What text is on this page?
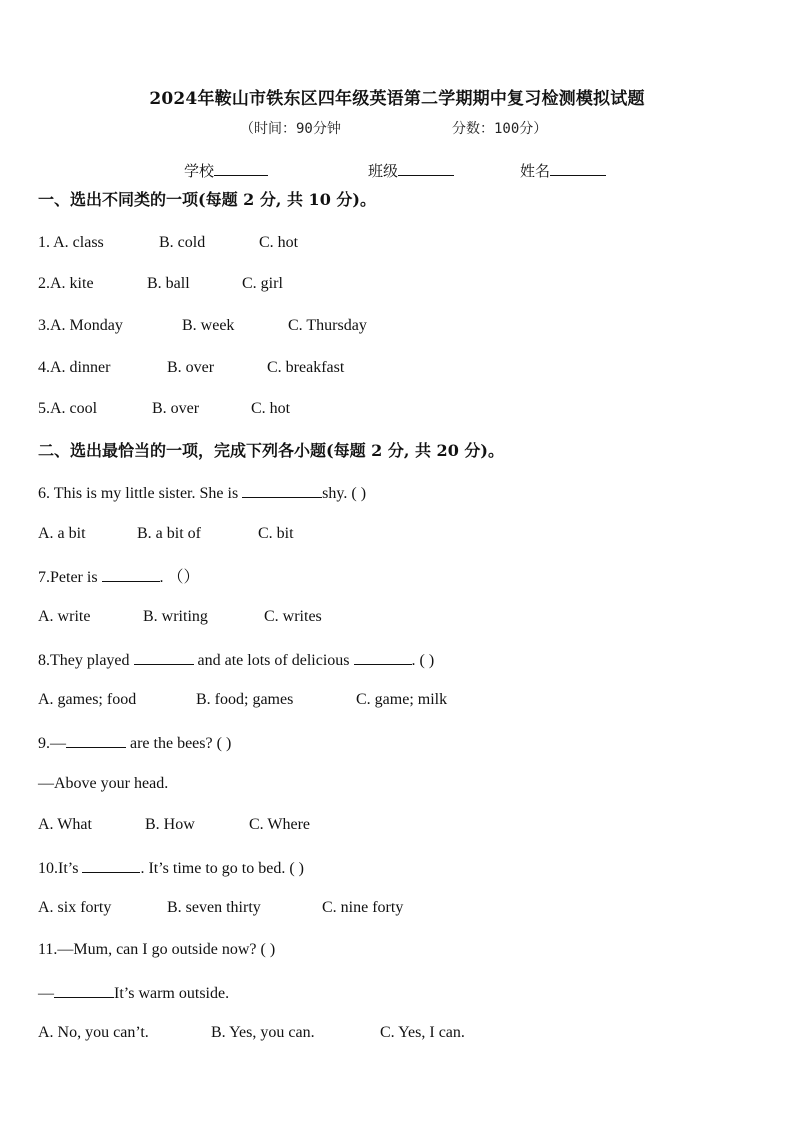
2024年鞍山市铁东区四年级英语第二学期期中复习检测模拟试题
（时间：90分钟	分数：100分）
学校	班级	姓名
一、选出不同类的一项(每题 2 分, 共 10 分)。
1. A. class	B. cold	C. hot
2.A. kite	B. ball	C. girl
3.A. Monday	B. week	C. Thursday
4.A. dinner	B. over	C. breakfast
5.A. cool	B. over	C. hot
二、选出最恰当的一项，完成下列各小题(每题 2 分, 共 20 分)。
6. This is my little sister. She is	shy. ( )
A. a bit	B. a bit of	C. bit
7.Peter is	. （）
A. write	B. writing	C. writes
8.They played	and ate lots of delicious	. ( )
A. games; food	B. food; games	C. game; milk
9.—	are the bees? ( )
—Above your head.
A. What	B. How	C. Where
10.It’s	. It’s time to go to bed. ( )
A. six forty	B. seven thirty	C. nine forty
11.—Mum, can I go outside now? ( )
—	It’s warm outside.
A. No, you can’t.	B. Yes, you can.	C. Yes, I can.
